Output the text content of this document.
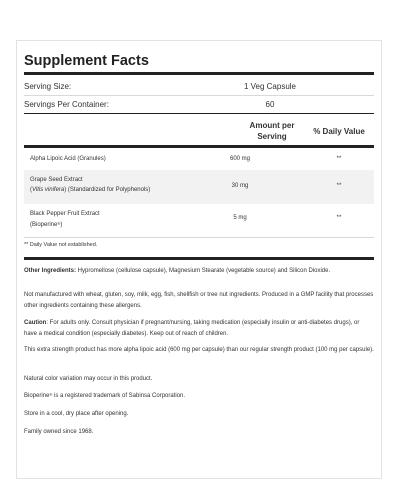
Supplement Facts
Serving Size:	1 Veg Capsule
Servings Per Container:	60
Amount per Serving
% Daily Value
Alpha Lipoic Acid (Granules)	600 mg	**
Grape Seed Extract
(Vitis vinifera) (Standardized for Polyphenols)
30 mg	**
Black Pepper Fruit Extract
(Bioperine®)
5 mg	**
** Daily Value not established.

Other Ingredients: Hypromellose (cellulose capsule), Magnesium Stearate (vegetable source) and Silicon Dioxide.

Not manufactured with wheat, gluten, soy, milk, egg, fish, shellfish or tree nut ingredients. Produced in a GMP facility that processes other ingredients containing these allergens.

Caution: For adults only. Consult physician if pregnant/nursing, taking medication (especially insulin or anti-diabetes drugs), or have a medical condition (especially diabetes). Keep out of reach of children.

This extra strength product has more alpha lipoic acid (600 mg per capsule) than our regular strength product (100 mg per capsule).

Natural color variation may occur in this product.

Bioperine® is a registered trademark of Sabinsa Corporation.

Store in a cool, dry place after opening.

Family owned since 1968.
